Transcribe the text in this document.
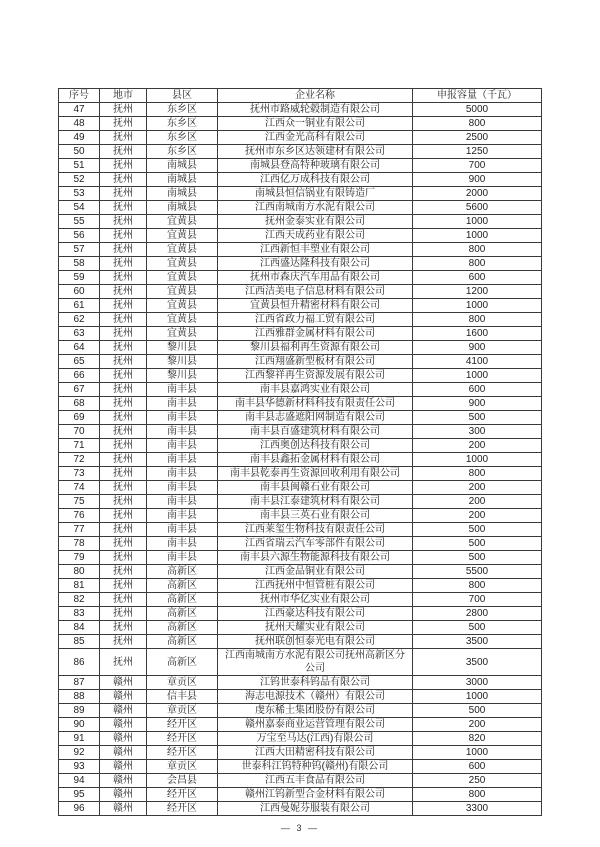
序号	地市	县区	企业名称	申报容量（千瓦）
47	抚州	东乡区	抚州市路威轮毂制造有限公司	5000
48	抚州	东乡区	江西众一铜业有限公司	800
49	抚州	东乡区	江西金光高科有限公司	2500
50	抚州	东乡区	抚州市东乡区达领建材有限公司	1250
51	抚州	南城县	南城县登高特种玻璃有限公司	700
52	抚州	南城县	江西亿万成科技有限公司	900
53	抚州	南城县	南城县恒信锅业有限铸造厂	2000
54	抚州	南城县	江西南城南方水泥有限公司	5600
55	抚州	宜黄县	抚州金泰实业有限公司	1000
56	抚州	宜黄县	江西天成药业有限公司	1000
57	抚州	宜黄县	江西新恒丰塑业有限公司	800
58	抚州	宜黄县	江西盛达隆科技有限公司	800
59	抚州	宜黄县	抚州市森庆汽车用品有限公司	600
60	抚州	宜黄县	江西洁美电子信息材料有限公司	1200
61	抚州	宜黄县	宜黄县恒升精密材料有限公司	1000
62	抚州	宜黄县	江西省政力福工贸有限公司	800
63	抚州	宜黄县	江西雅群金属材料有限公司	1600
64	抚州	黎川县	黎川县福利再生资源有限公司	900
65	抚州	黎川县	江西翔盛新型板材有限公司	4100
66	抚州	黎川县	江西黎祥再生资源发展有限公司	1000
67	抚州	南丰县	南丰县嘉鸿实业有限公司	600
68	抚州	南丰县	南丰县华德新材料科技有限责任公司	900
69	抚州	南丰县	南丰县志盛遮阳网制造有限公司	500
70	抚州	南丰县	南丰县百盛建筑材料有限公司	300
71	抚州	南丰县	江西奥创达科技有限公司	200
72	抚州	南丰县	南丰县鑫拓金属材料有限公司	1000
73	抚州	南丰县	南丰县乾泰再生资源回收利用有限公司	800
74	抚州	南丰县	南丰县闽赣石业有限公司	200
75	抚州	南丰县	南丰县江泰建筑材料有限公司	200
76	抚州	南丰县	南丰县三英石业有限公司	200
77	抚州	南丰县	江西莱玺生物科技有限责任公司	500
78	抚州	南丰县	江西省瑞云汽车零部件有限公司	500
79	抚州	南丰县	南丰县六源生物能源科技有限公司	500
80	抚州	高新区	江西金品铜业有限公司	5500
81	抚州	高新区	江西抚州中恒管桩有限公司	800
82	抚州	高新区	抚州市华亿实业有限公司	700
83	抚州	高新区	江西豪达科技有限公司	2800
84	抚州	高新区	抚州天耀实业有限公司	500
85	抚州	高新区	抚州联创恒泰光电有限公司	3500
86	抚州	高新区	江西南城南方水泥有限公司抚州高新区分公司	3500
87	赣州	章贡区	江钨世泰科钨品有限公司	3000
88	赣州	信丰县	海志电源技术（赣州）有限公司	1000
89	赣州	章贡区	虔东稀土集团股份有限公司	500
90	赣州	经开区	赣州嘉泰商业运营管理有限公司	200
91	赣州	经开区	万宝至马达(江西)有限公司	820
92	赣州	经开区	江西大田精密科技有限公司	1000
93	赣州	章贡区	世泰科江钨特种钨(赣州)有限公司	600
94	赣州	会昌县	江西五丰食品有限公司	250
95	赣州	经开区	赣州江钨新型合金材料有限公司	800
96	赣州	经开区	江西曼妮芬服装有限公司	3300
— 3 —
